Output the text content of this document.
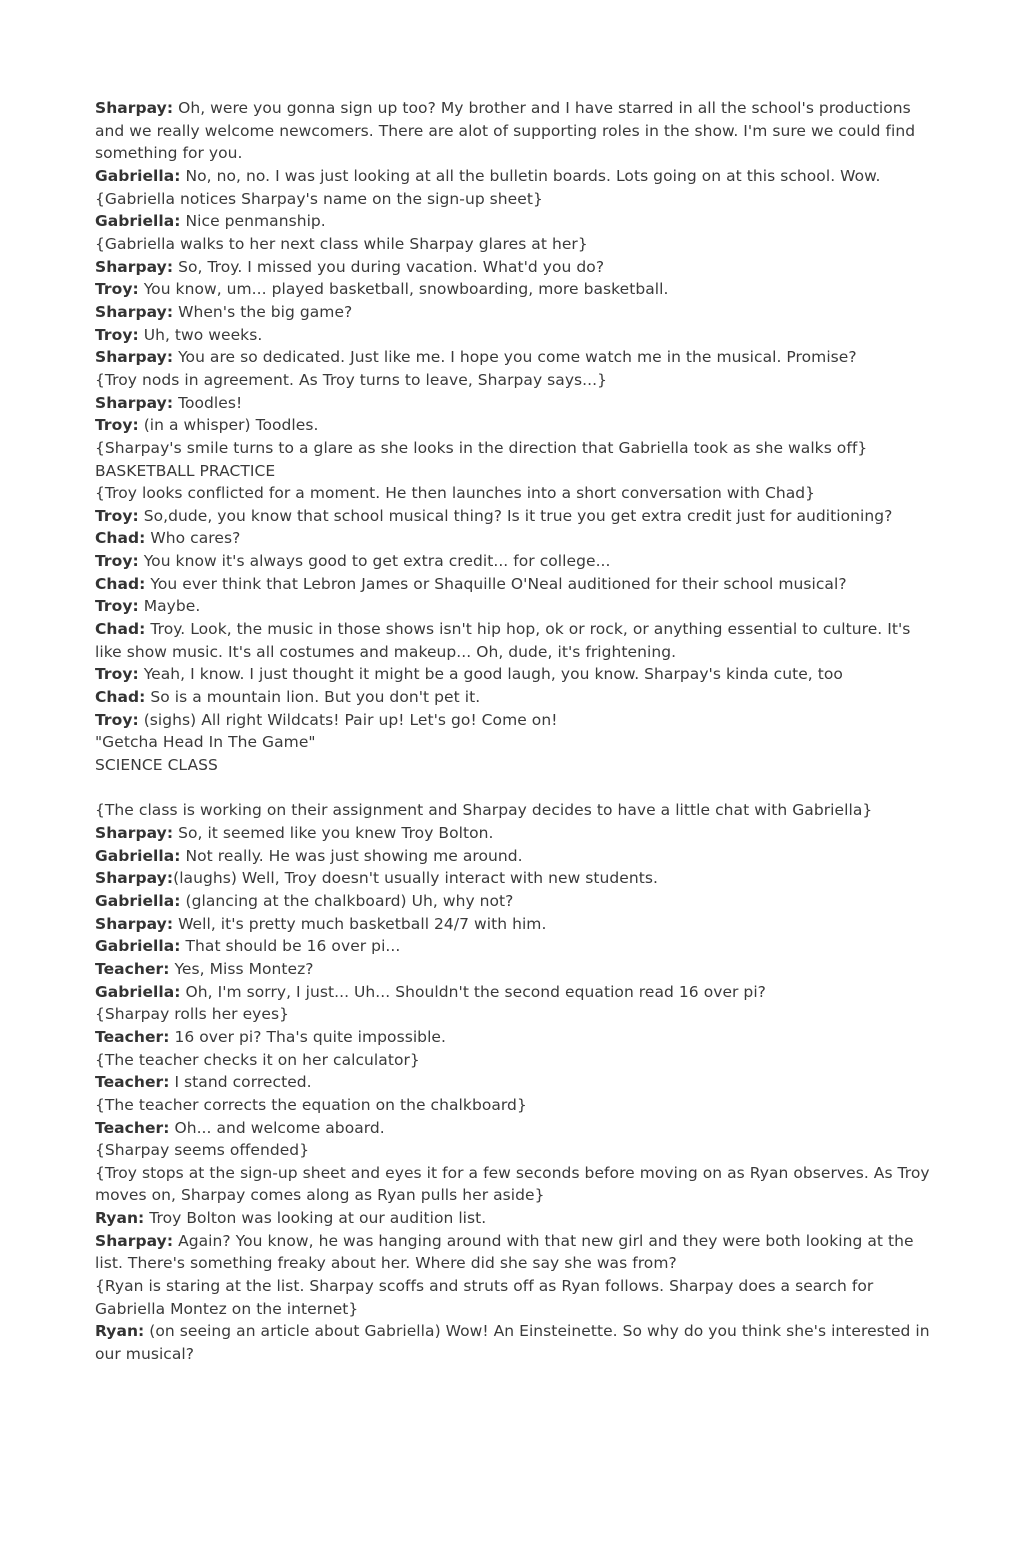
Sharpay: Oh, were you gonna sign up too? My brother and I have starred in all the school's productions and we really welcome newcomers. There are alot of supporting roles in the show. I'm sure we could find something for you.

Gabriella: No, no, no. I was just looking at all the bulletin boards. Lots going on at this school. Wow.

{Gabriella notices Sharpay's name on the sign-up sheet}

Gabriella: Nice penmanship.

{Gabriella walks to her next class while Sharpay glares at her}

Sharpay: So, Troy. I missed you during vacation. What'd you do?

Troy: You know, um... played basketball, snowboarding, more basketball.

Sharpay: When's the big game?

Troy: Uh, two weeks.

Sharpay: You are so dedicated. Just like me. I hope you come watch me in the musical. Promise?

{Troy nods in agreement. As Troy turns to leave, Sharpay says...}

Sharpay: Toodles!

Troy: (in a whisper) Toodles.

{Sharpay's smile turns to a glare as she looks in the direction that Gabriella took as she walks off}

BASKETBALL PRACTICE

{Troy looks conflicted for a moment. He then launches into a short conversation with Chad}

Troy: So,dude, you know that school musical thing? Is it true you get extra credit just for auditioning?

Chad: Who cares?

Troy: You know it's always good to get extra credit... for college...

Chad: You ever think that Lebron James or Shaquille O'Neal auditioned for their school musical?

Troy: Maybe.

Chad: Troy. Look, the music in those shows isn't hip hop, ok or rock, or anything essential to culture. It's like show music. It's all costumes and makeup... Oh, dude, it's frightening.

Troy: Yeah, I know. I just thought it might be a good laugh, you know. Sharpay's kinda cute, too

Chad: So is a mountain lion. But you don't pet it.

Troy: (sighs) All right Wildcats! Pair up! Let's go! Come on!

"Getcha Head In The Game"

SCIENCE CLASS

{The class is working on their assignment and Sharpay decides to have a little chat with Gabriella}

Sharpay: So, it seemed like you knew Troy Bolton.

Gabriella: Not really. He was just showing me around.

Sharpay:(laughs) Well, Troy doesn't usually interact with new students.

Gabriella: (glancing at the chalkboard) Uh, why not?

Sharpay: Well, it's pretty much basketball 24/7 with him.

Gabriella: That should be 16 over pi...

Teacher: Yes, Miss Montez?

Gabriella: Oh, I'm sorry, I just... Uh... Shouldn't the second equation read 16 over pi?

{Sharpay rolls her eyes}

Teacher: 16 over pi? Tha's quite impossible.

{The teacher checks it on her calculator}

Teacher: I stand corrected.

{The teacher corrects the equation on the chalkboard}

Teacher: Oh... and welcome aboard.

{Sharpay seems offended}

{Troy stops at the sign-up sheet and eyes it for a few seconds before moving on as Ryan observes. As Troy moves on, Sharpay comes along as Ryan pulls her aside}

Ryan: Troy Bolton was looking at our audition list.

Sharpay: Again? You know, he was hanging around with that new girl and they were both looking at the list. There's something freaky about her. Where did she say she was from?

{Ryan is staring at the list. Sharpay scoffs and struts off as Ryan follows. Sharpay does a search for Gabriella Montez on the internet}

Ryan: (on seeing an article about Gabriella) Wow! An Einsteinette. So why do you think she's interested in our musical?
